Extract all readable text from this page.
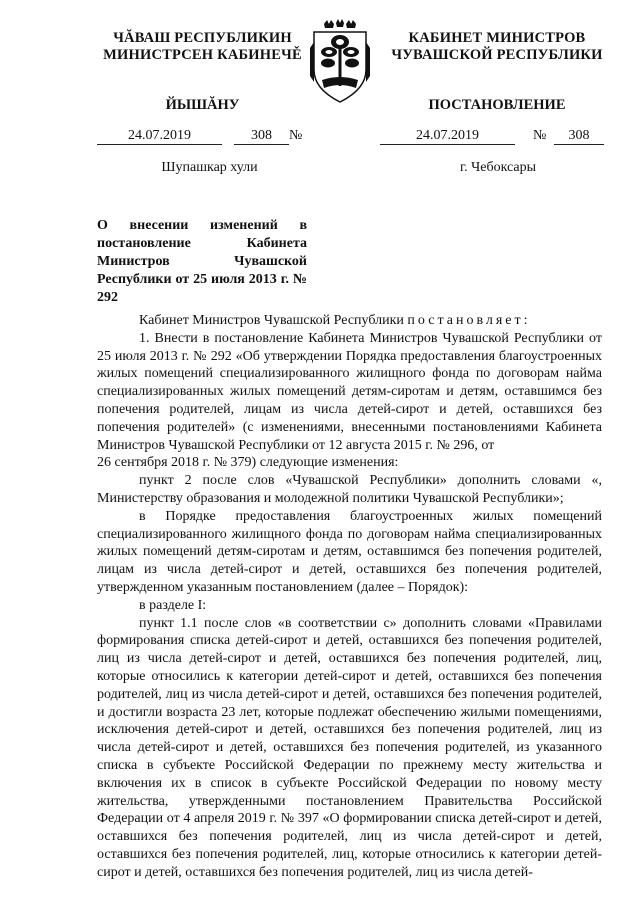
ЧĂВАШ РЕСПУБЛИКИН
МИНИСТРСЕН КАБИНЕЧĚ
ЙЫШĂНУ
КАБИНЕТ МИНИСТРОВ
ЧУВАШСКОЙ РЕСПУБЛИКИ
ПОСТАНОВЛЕНИЕ
24.07.2019	308	№	24.07.2019	№	308
Шупашкар хули	г. Чебоксары
О внесении изменений в постановление Кабинета Министров Чувашской Республики от 25 июля 2013 г. № 292

Кабинет Министров Чувашской Республики постановляет:

1. Внести в постановление Кабинета Министров Чувашской Республики от 25 июля 2013 г. № 292 «Об утверждении Порядка предоставления благоустроенных жилых помещений специализированного жилищного фонда по договорам найма специализированных жилых помещений детям-сиротам и детям, оставшимся без попечения родителей, лицам из числа детей-сирот и детей, оставшихся без попечения родителей» (с изменениями, внесенными постановлениями Кабинета Министров Чувашской Республики от 12 августа 2015 г. № 296, от

26 сентября 2018 г. № 379) следующие изменения:

пункт 2 после слов «Чувашской Республики» дополнить словами «, Министерству образования и молодежной политики Чувашской Республики»;

в Порядке предоставления благоустроенных жилых помещений специализированного жилищного фонда по договорам найма специализированных жилых помещений детям-сиротам и детям, оставшимся без попечения родителей, лицам из числа детей-сирот и детей, оставшихся без попечения родителей, утвержденном указанным постановлением (далее – Порядок):

в разделе I:

пункт 1.1 после слов «в соответствии с» дополнить словами «Правилами формирования списка детей-сирот и детей, оставшихся без попечения родителей, лиц из числа детей-сирот и детей, оставшихся без попечения родителей, лиц, которые относились к категории детей-сирот и детей, оставшихся без попечения родителей, лиц из числа детей-сирот и детей, оставшихся без попечения родителей, и достигли возраста 23 лет, которые подлежат обеспечению жилыми помещениями, исключения детей-сирот и детей, оставшихся без попечения родителей, лиц из числа детей-сирот и детей, оставшихся без попечения родителей, из указанного списка в субъекте Российской Федерации по прежнему месту жительства и включения их в список в субъекте Российской Федерации по новому месту жительства, утвержденными постановлением Правительства Российской Федерации от 4 апреля 2019 г. № 397 «О формировании списка детей-сирот и детей, оставшихся без попечения родителей, лиц из числа детей-сирот и детей, оставшихся без попечения родителей, лиц, которые относились к категории детей-сирот и детей, оставшихся без попечения родителей, лиц из числа детей-
